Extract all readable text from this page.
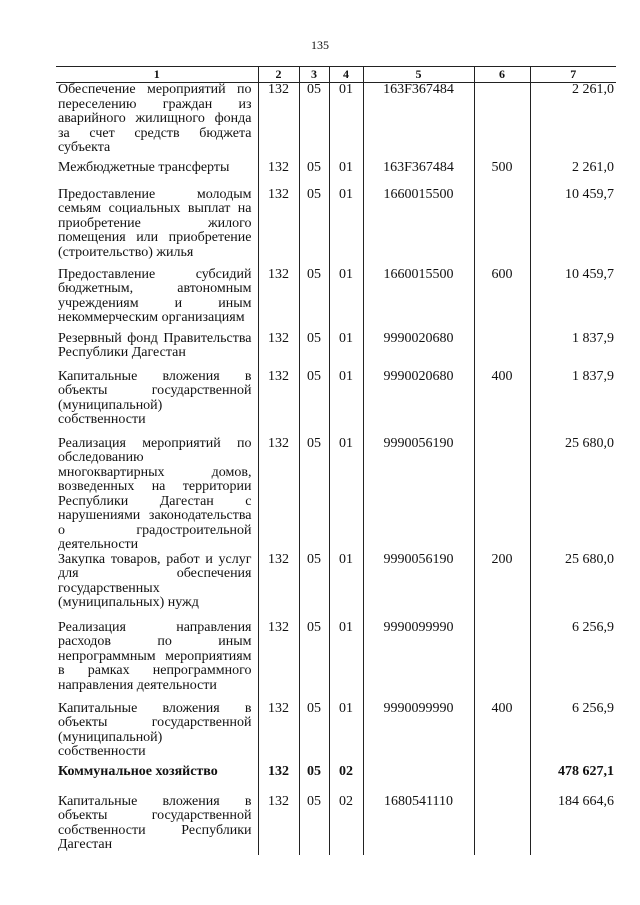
135
1	2	3	4	5	6	7
Обеспечение мероприятий по переселению граждан из аварийного жилищного фонда за счет средств бюджета субъекта	132	05	01	163F367484		2 261,0
Межбюджетные трансферты	132	05	01	163F367484	500	2 261,0
Предоставление молодым семьям социальных выплат на приобретение жилого помещения или приобретение (строительство) жилья	132	05	01	1660015500		10 459,7
Предоставление субсидий бюджетным, автономным учреждениям и иным некоммерческим организациям	132	05	01	1660015500	600	10 459,7
Резервный фонд Правительства Республики Дагестан	132	05	01	9990020680		1 837,9
Капитальные вложения в объекты государственной (муниципальной) собственности	132	05	01	9990020680	400	1 837,9
Реализация мероприятий по обследованию многоквартирных домов, возведенных на территории Республики Дагестан с нарушениями законодательства о градостроительной деятельности	132	05	01	9990056190		25 680,0
Закупка товаров, работ и услуг для обеспечения государственных (муниципальных) нужд	132	05	01	9990056190	200	25 680,0
Реализация направления расходов по иным непрограммным мероприятиям в рамках непрограммного направления деятельности	132	05	01	9990099990		6 256,9
Капитальные вложения в объекты государственной (муниципальной) собственности	132	05	01	9990099990	400	6 256,9
Коммунальное хозяйство	132	05	02			478 627,1
Капитальные вложения в объекты государственной собственности Республики Дагестан	132	05	02	1680541110		184 664,6
